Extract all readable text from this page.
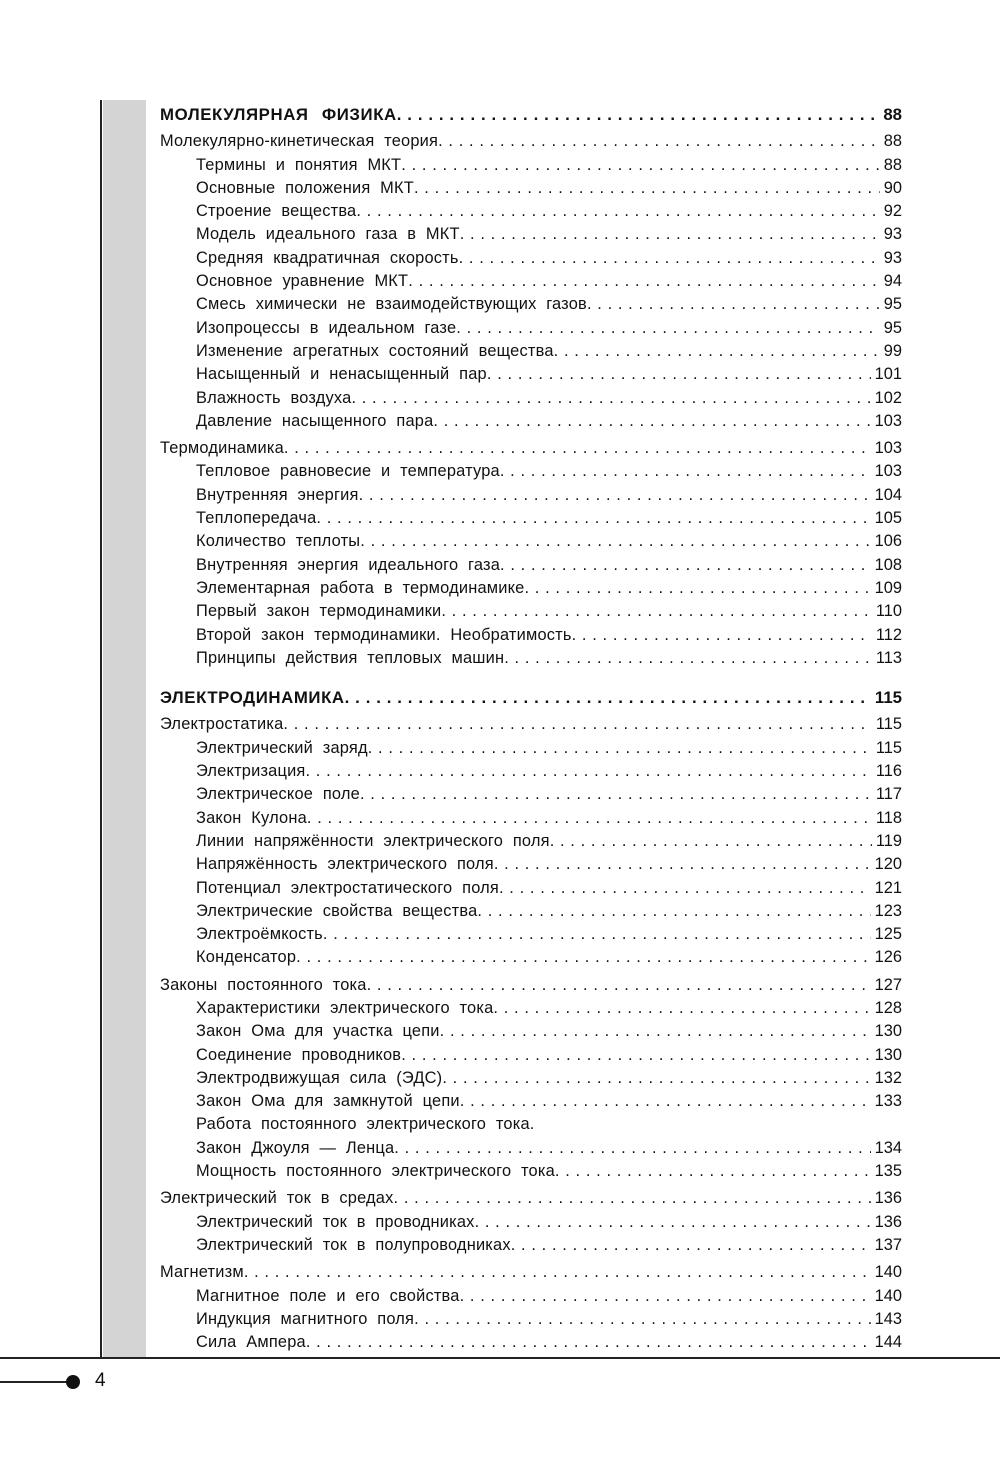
4
МОЛЕКУЛЯРНАЯ ФИЗИКА . . .	88
Молекулярно-кинетическая теория . . .	88
Термины и понятия МКТ . . .	88
Основные положения МКТ . . .	90
Строение вещества . . .	92
Модель идеального газа в МКТ . . .	93
Средняя квадратичная скорость . . .	93
Основное уравнение МКТ . . .	94
Смесь химически не взаимодействующих газов . . .	95
Изопроцессы в идеальном газе . . .	95
Изменение агрегатных состояний вещества . . .	99
Насыщенный и ненасыщенный пар . . .	101
Влажность воздуха . . .	102
Давление насыщенного пара . . .	103
Термодинамика . . .	103
Тепловое равновесие и температура . . .	103
Внутренняя энергия . . .	104
Теплопередача . . .	105
Количество теплоты . . .	106
Внутренняя энергия идеального газа . . .	108
Элементарная работа в термодинамике . . .	109
Первый закон термодинамики . . .	110
Второй закон термодинамики. Необратимость . . .	112
Принципы действия тепловых машин . . .	113
ЭЛЕКТРОДИНАМИКА . . .	115
Электростатика . . .	115
Электрический заряд . . .	115
Электризация . . .	116
Электрическое поле . . .	117
Закон Кулона . . .	118
Линии напряжённости электрического поля . . .	119
Напряжённость электрического поля . . .	120
Потенциал электростатического поля . . .	121
Электрические свойства вещества . . .	123
Электроёмкость . . .	125
Конденсатор . . .	126
Законы постоянного тока . . .	127
Характеристики электрического тока . . .	128
Закон Ома для участка цепи . . .	130
Соединение проводников . . .	130
Электродвижущая сила (ЭДС) . . .	132
Закон Ома для замкнутой цепи . . .	133
Работа постоянного электрического тока.
Закон Джоуля — Ленца . . .	134
Мощность постоянного электрического тока . . .	135
Электрический ток в средах . . .	136
Электрический ток в проводниках . . .	136
Электрический ток в полупроводниках . . .	137
Магнетизм . . .	140
Магнитное поле и его свойства . . .	140
Индукция магнитного поля . . .	143
Сила Ампера . . .	144
